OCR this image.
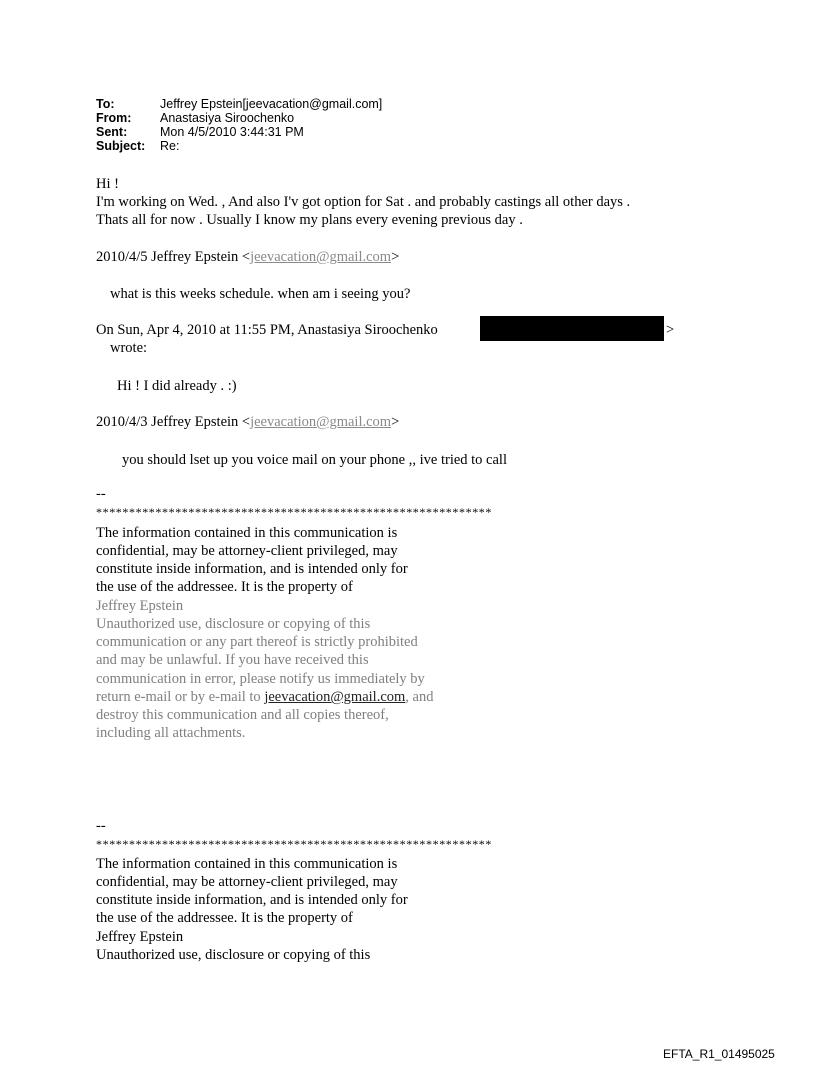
To:	Jeffrey Epstein[jeevacation@gmail.com]
From: Anastasiya Siroochenko
Sent:	Mon 4/5/2010 3:44:31 PM
Subject: Re:
Hi !
I'm working on Wed. , And also I'v got option for Sat . and probably castings all other days .
Thats all for now . Usually I know my plans every evening previous day .
2010/4/5 Jeffrey Epstein <jeevacation@gmail.com>
what is this weeks schedule. when am i seeing you?
On Sun, Apr 4, 2010 at 11:55 PM, Anastasiya Siroochenko	>
wrote:
Hi ! I did already . :)
2010/4/3 Jeffrey Epstein <jeevacation@gmail.com>
you should lset up you voice mail on your phone ,, ive tried to call
--
************************************************************
The information contained in this communication is
confidential, may be attorney-client privileged, may
constitute inside information, and is intended only for
the use of the addressee. It is the property of
Jeffrey Epstein
Unauthorized use, disclosure or copying of this
communication or any part thereof is strictly prohibited
and may be unlawful. If you have received this
communication in error, please notify us immediately by
return e-mail or by e-mail to jeevacation@gmail.com, and
destroy this communication and all copies thereof,
including all attachments.
--
************************************************************
The information contained in this communication is
confidential, may be attorney-client privileged, may
constitute inside information, and is intended only for
the use of the addressee. It is the property of
Jeffrey Epstein
Unauthorized use, disclosure or copying of this
EFTA_R1_01495025
